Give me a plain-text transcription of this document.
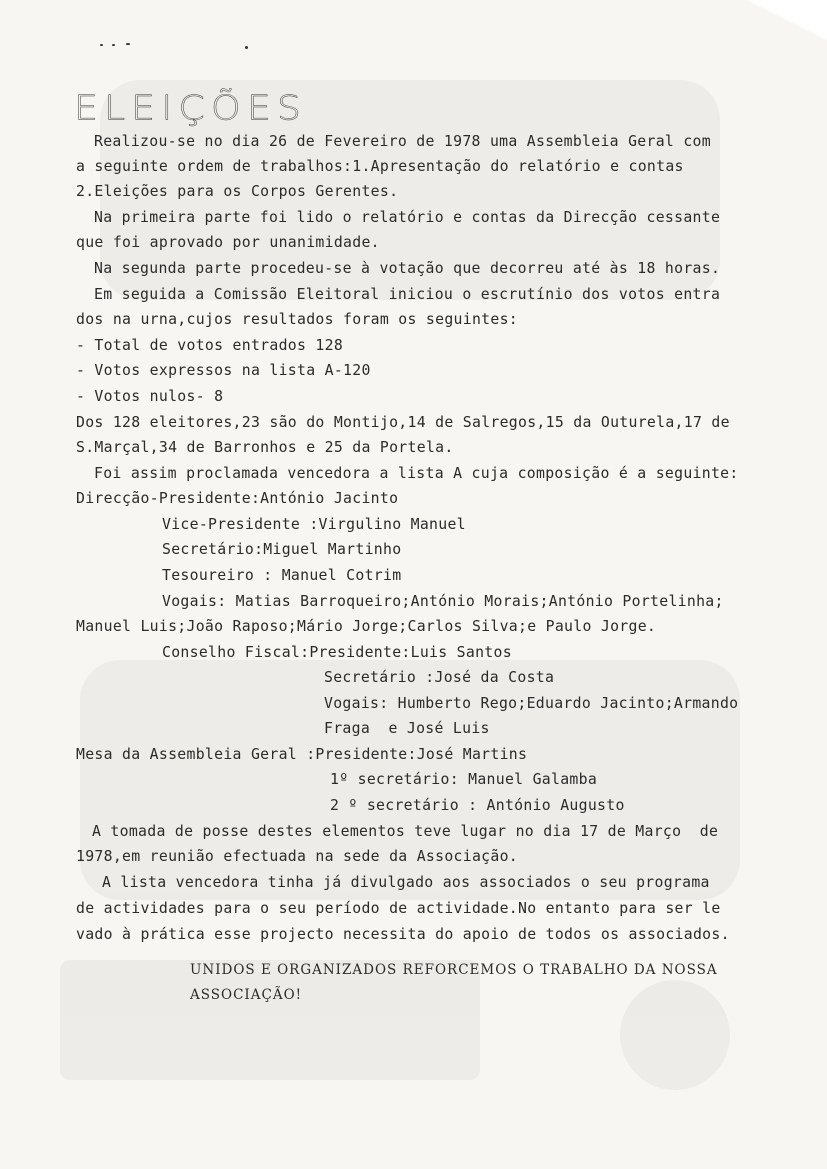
ELEIÇÕES
Realizou-se no dia 26 de Fevereiro de 1978 uma Assembleia Geral com
a seguinte ordem de trabalhos:1.Apresentação do relatório e contas
2.Eleições para os Corpos Gerentes.
Na primeira parte foi lido o relatório e contas da Direcção cessante
que foi aprovado por unanimidade.
Na segunda parte procedeu-se à votação que decorreu até às 18 horas.
Em seguida a Comissão Eleitoral iniciou o escrutínio dos votos entra
dos na urna,cujos resultados foram os seguintes:
- Total de votos entrados 128
- Votos expressos na lista A-120
- Votos nulos- 8
Dos 128 eleitores,23 são do Montijo,14 de Salregos,15 da Outurela,17 de
S.Marçal,34 de Barronhos e 25 da Portela.
Foi assim proclamada vencedora a lista A cuja composição é a seguinte:
Direcção-Presidente:António Jacinto
Vice-Presidente :Virgulino Manuel
Secretário:Miguel Martinho
Tesoureiro : Manuel Cotrim
Vogais: Matias Barroqueiro;António Morais;António Portelinha;
Manuel Luis;João Raposo;Mário Jorge;Carlos Silva;e Paulo Jorge.
Conselho Fiscal:Presidente:Luis Santos
Secretário :José da Costa
Vogais: Humberto Rego;Eduardo Jacinto;Armando
Fraga  e José Luis
Mesa da Assembleia Geral :Presidente:José Martins
1º secretário: Manuel Galamba
2 º secretário : António Augusto
A tomada de posse destes elementos teve lugar no dia 17 de Março  de
1978,em reunião efectuada na sede da Associação.
A lista vencedora tinha já divulgado aos associados o seu programa
de actividades para o seu período de actividade.No entanto para ser le
vado à prática esse projecto necessita do apoio de todos os associados.
UNIDOS E ORGANIZADOS REFORCEMOS O TRABALHO DA NOSSA
ASSOCIAÇÃO!
